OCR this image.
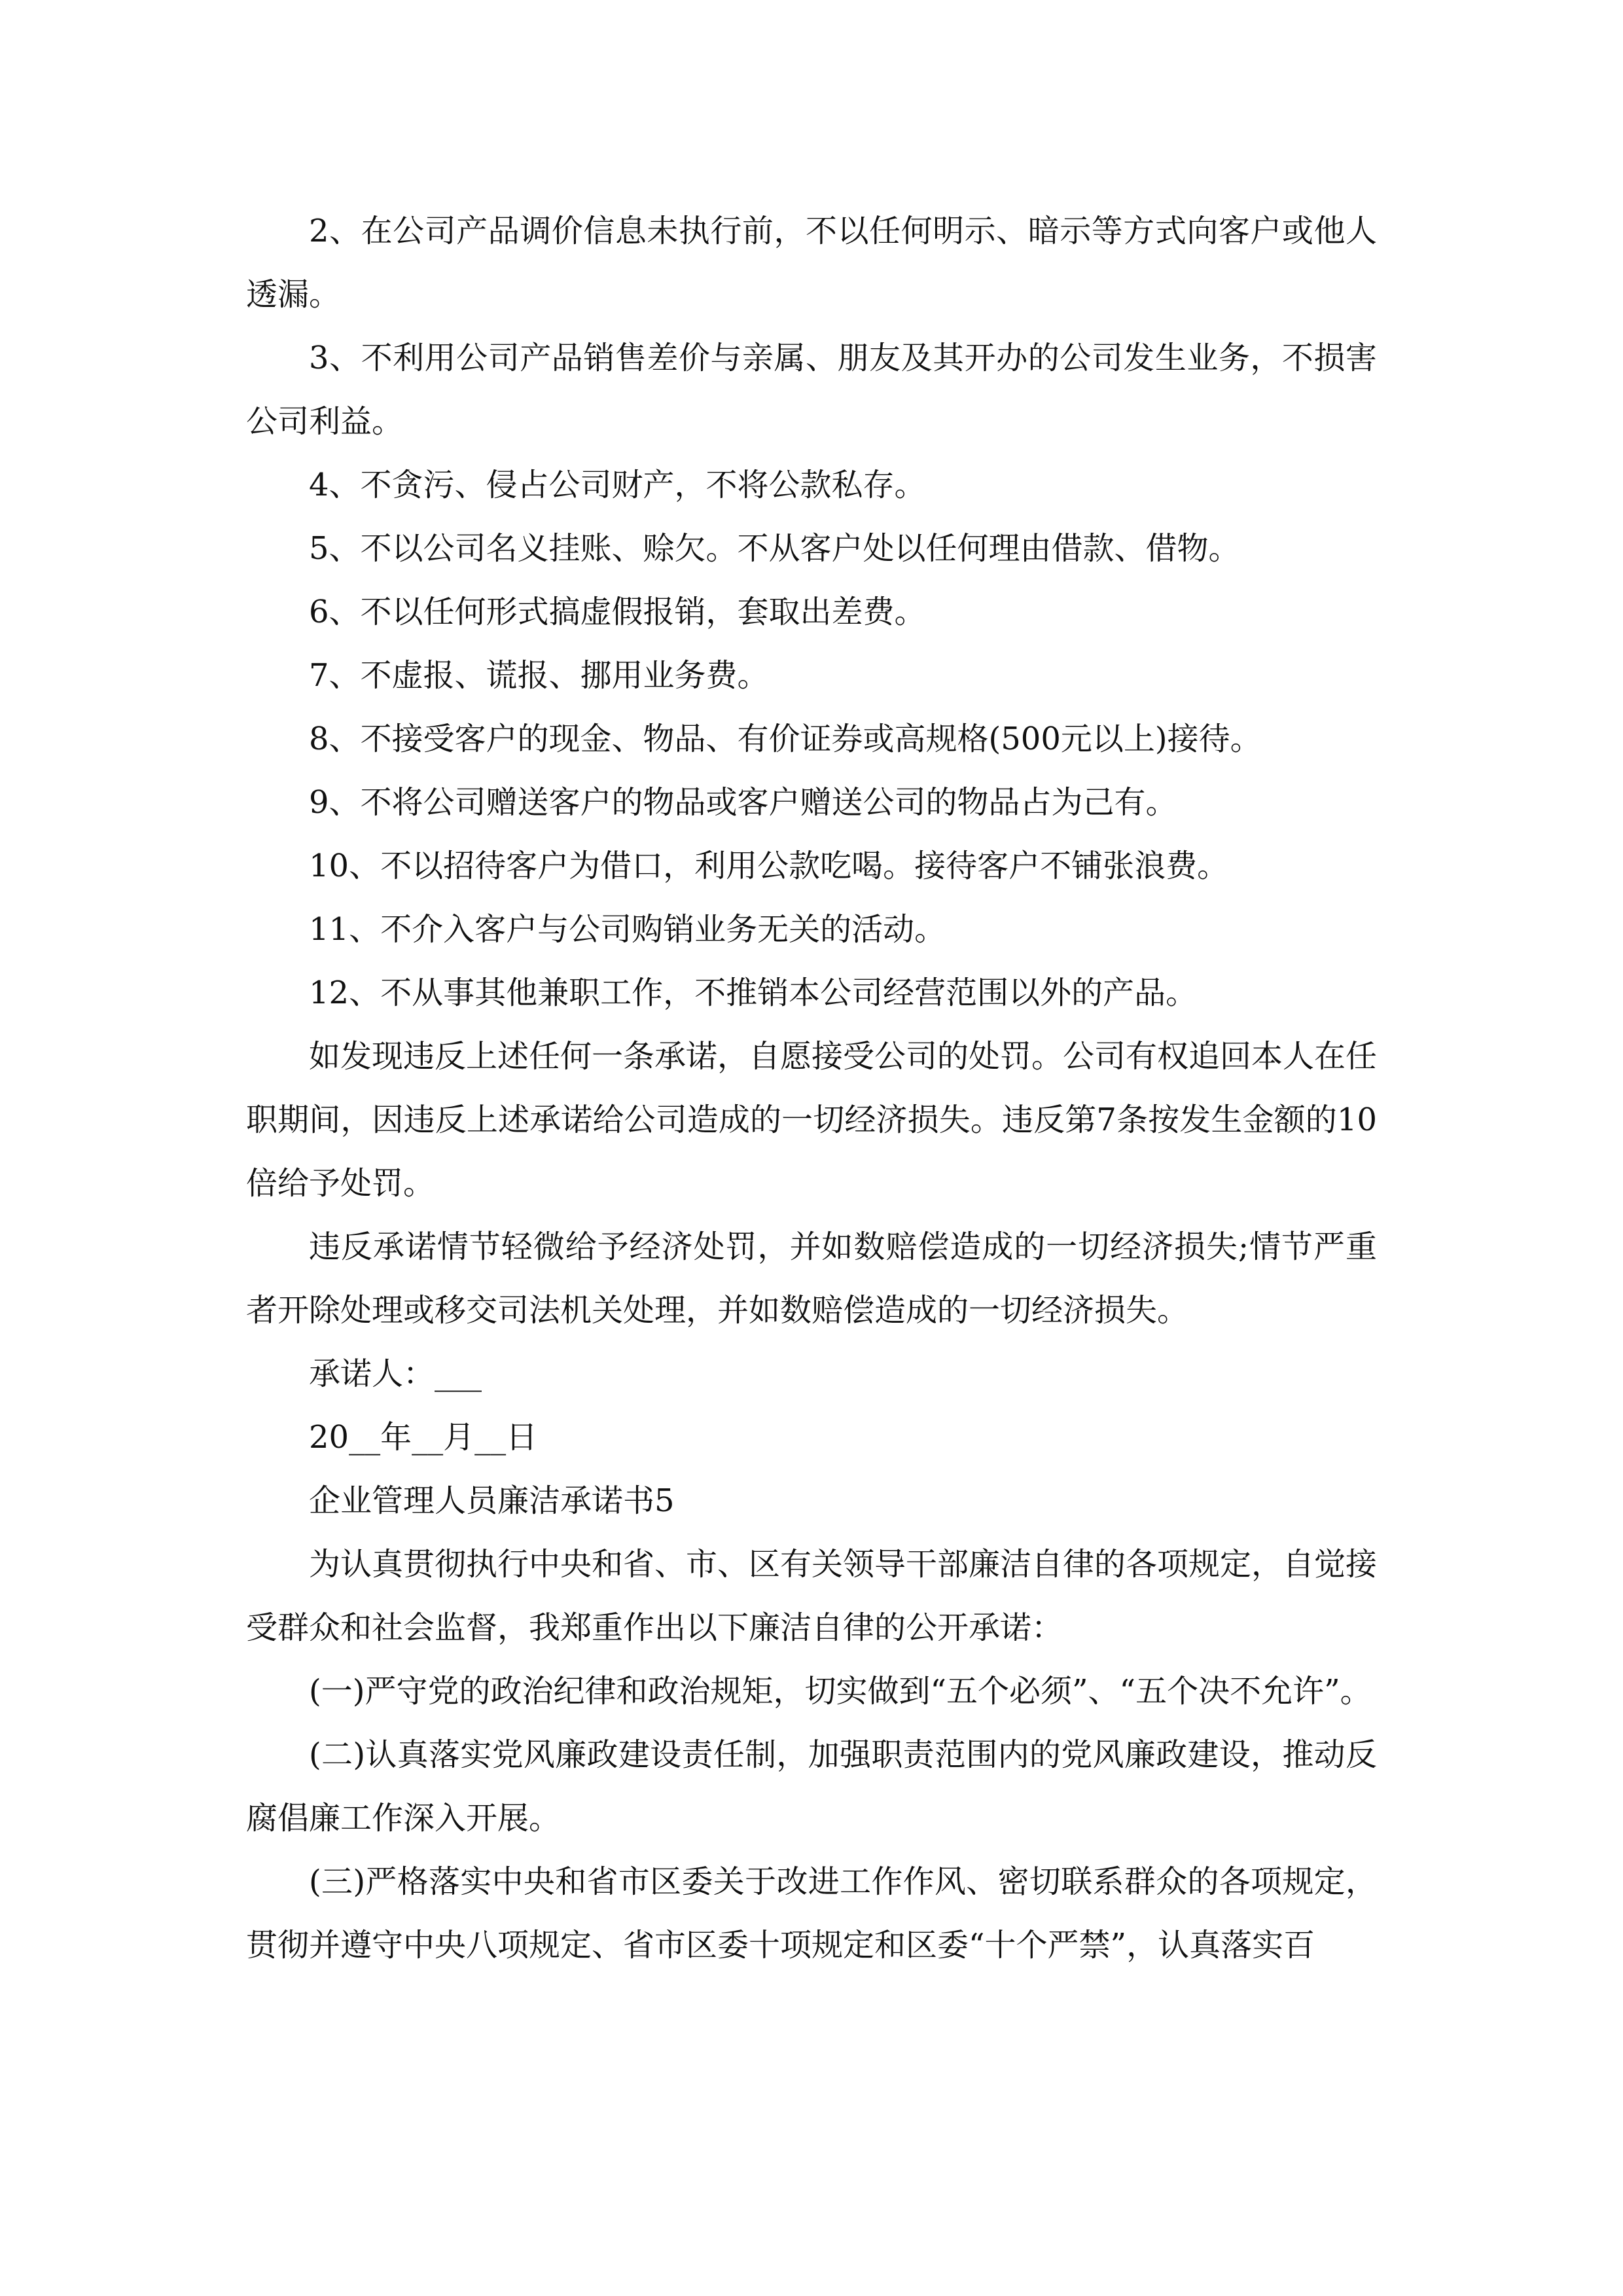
2、在公司产品调价信息未执行前，不以任何明示、暗示等方式向客户或他人透漏。

3、不利用公司产品销售差价与亲属、朋友及其开办的公司发生业务，不损害公司利益。

4、不贪污、侵占公司财产，不将公款私存。

5、不以公司名义挂账、赊欠。不从客户处以任何理由借款、借物。

6、不以任何形式搞虚假报销，套取出差费。

7、不虚报、谎报、挪用业务费。

8、不接受客户的现金、物品、有价证券或高规格(500元以上)接待。

9、不将公司赠送客户的物品或客户赠送公司的物品占为己有。

10、不以招待客户为借口，利用公款吃喝。接待客户不铺张浪费。

11、不介入客户与公司购销业务无关的活动。

12、不从事其他兼职工作，不推销本公司经营范围以外的产品。

如发现违反上述任何一条承诺，自愿接受公司的处罚。公司有权追回本人在任职期间，因违反上述承诺给公司造成的一切经济损失。违反第7条按发生金额的10倍给予处罚。

违反承诺情节轻微给予经济处罚，并如数赔偿造成的一切经济损失;情节严重者开除处理或移交司法机关处理，并如数赔偿造成的一切经济损失。

承诺人：___

20__年__月__日

企业管理人员廉洁承诺书5

为认真贯彻执行中央和省、市、区有关领导干部廉洁自律的各项规定，自觉接受群众和社会监督，我郑重作出以下廉洁自律的公开承诺：

(一)严守党的政治纪律和政治规矩，切实做到“五个必须”、“五个决不允许”。

(二)认真落实党风廉政建设责任制，加强职责范围内的党风廉政建设，推动反腐倡廉工作深入开展。

(三)严格落实中央和省市区委关于改进工作作风、密切联系群众的各项规定，贯彻并遵守中央八项规定、省市区委十项规定和区委“十个严禁”，认真落实百
